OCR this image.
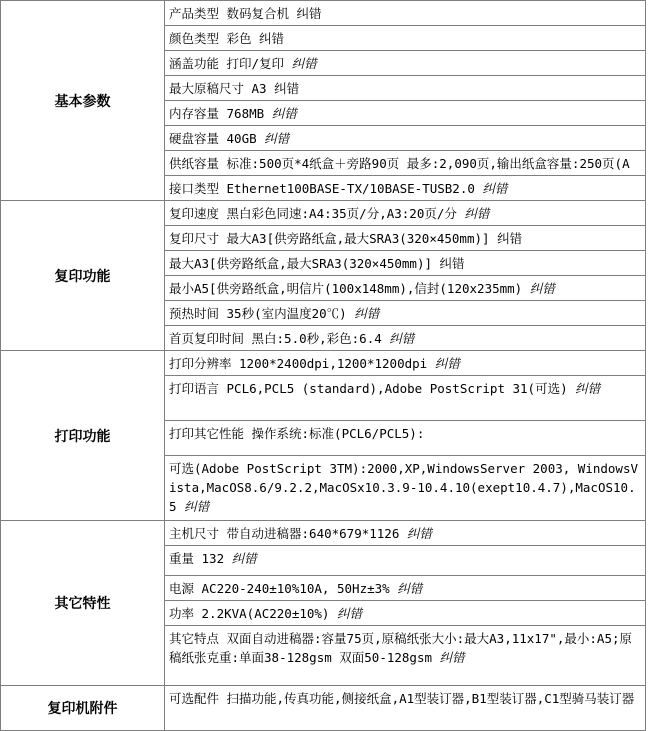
基本参数	产品类型 数码复合机 纠错

	颜色类型 彩色 纠错

	涵盖功能 打印/复印 纠错

	最大原稿尺寸 A3 纠错

	内存容量 768MB 纠错

	硬盘容量 40GB 纠错

	供纸容量 标准:500页*4纸盒＋旁路90页 最多:2,090页,输出纸盒容量:250页(A

	接口类型 Ethernet100BASE-TX/10BASE-TUSB2.0 纠错

复印功能	复印速度 黑白彩色同速:A4:35页/分,A3:20页/分 纠错

	复印尺寸 最大A3[供旁路纸盒,最大SRA3(320×450mm)] 纠错

	最大A3[供旁路纸盒,最大SRA3(320×450mm)] 纠错

	最小A5[供旁路纸盒,明信片(100x148mm),信封(120x235mm) 纠错

	预热时间 35秒(室内温度20℃) 纠错

	首页复印时间 黑白:5.0秒,彩色:6.4 纠错

打印功能	打印分辨率 1200*2400dpi,1200*1200dpi 纠错

	打印语言 PCL6,PCL5 (standard),Adobe PostScript 31(可选) 纠错

	打印其它性能 操作系统:标准(PCL6/PCL5):

	可选(Adobe PostScript 3TM):2000,XP,WindowsServer 2003, WindowsVista,MacOS8.6/9.2.2,MacOSx10.3.9-10.4.10(exept10.4.7),MacOS10.5 纠错

其它特性	主机尺寸 带自动进稿器:640*679*1126 纠错

	重量 132 纠错

	电源 AC220-240±10%10A, 50Hz±3% 纠错

	功率 2.2KVA(AC220±10%) 纠错

	其它特点 双面自动进稿器:容量75页,原稿纸张大小:最大A3,11x17",最小:A5;原稿纸张克重:单面38-128gsm 双面50-128gsm 纠错

复印机附件	可选配件 扫描功能,传真功能,侧接纸盒,A1型装订器,B1型装订器,C1型骑马装订器
